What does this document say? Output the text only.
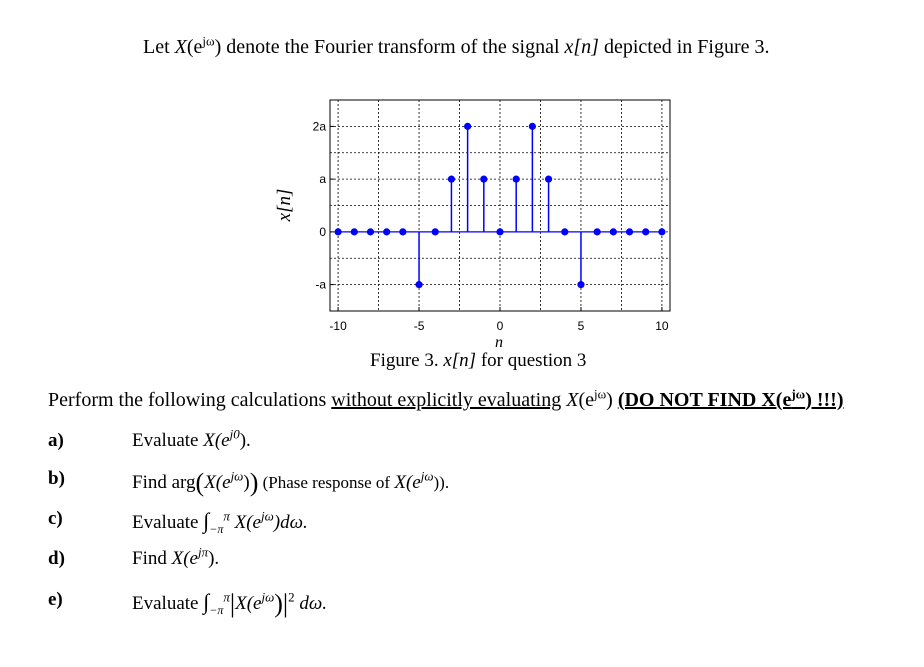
Let $X(e^{j\omega})$ denote the Fourier transform of the signal x[n] depicted in Figure 3.
-10	-5	0	5	10
-a
0
a
2a
x[n]
n
Figure 3. x[n] for question 3
Perform the following calculations without explicitly evaluating $X(e^{j\omega})$ (DO NOT FIND $X(e^{j\omega})$ !!!)
a)	Evaluate $X(e^{j0})$.
b)	Find $arg(X(e^{j\omega}))$ (Phase response of $X(e^{j\omega})$).
c)	Evaluate $\int_{-\pi}^\pi$ $X(e^{j\omega})d\omega$.
d)	Find $X(e^{j\pi})$.
e)	Evaluate $\int_{-\pi}^\pi|X(e^{j\omega})|^2$ dω.
